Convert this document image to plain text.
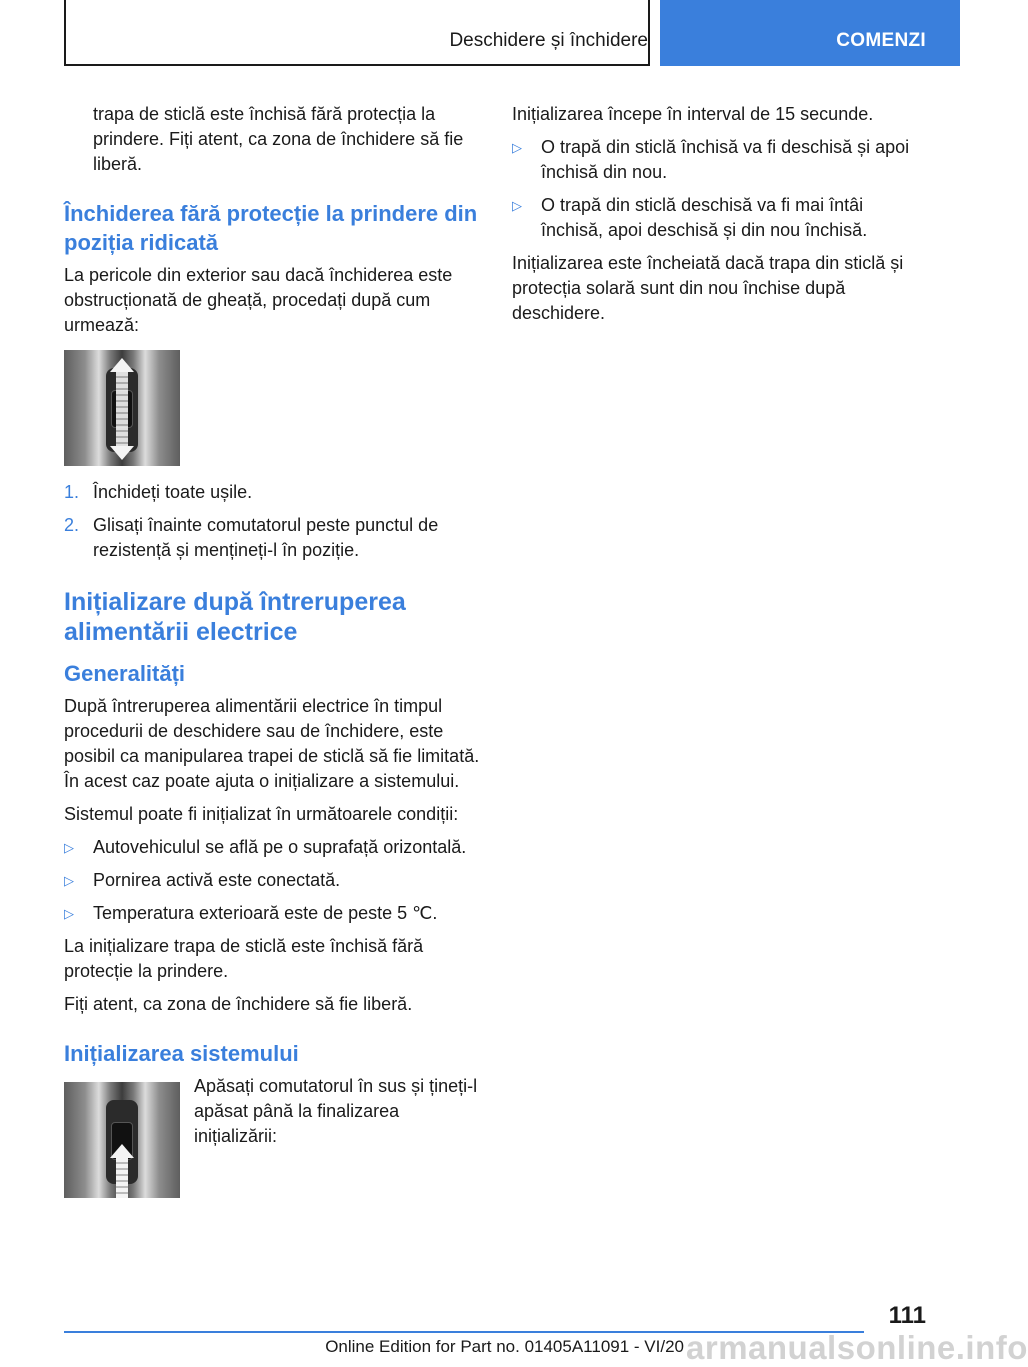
Deschidere și închidere	COMENZI

trapa de sticlă este închisă fără protecția la prindere. Fiți atent, ca zona de închidere să fie liberă.

Închiderea fără protecție la prindere din poziția ridicată

La pericole din exterior sau dacă închiderea este obstrucționată de gheață, procedați după cum urmează:

1. Închideți toate ușile.
2. Glisați înainte comutatorul peste punctul de rezistență și mențineți-l în poziție.
Inițializare după întreruperea alimentării electrice
Generalități

După întreruperea alimentării electrice în timpul procedurii de deschidere sau de închidere, este posibil ca manipularea trapei de sticlă să fie limitată. În acest caz poate ajuta o inițializare a sistemului.

Sistemul poate fi inițializat în următoarele condiții:

▷	Autovehiculul se află pe o suprafață orizontală.
▷	Pornirea activă este conectată.
▷	Temperatura exterioară este de peste 5 ℃.

La inițializare trapa de sticlă este închisă fără protecție la prindere.

Fiți atent, ca zona de închidere să fie liberă.

Inițializarea sistemului

Apăsați comutatorul în sus și țineți-l apăsat până la finalizarea inițializării:

Inițializarea începe în interval de 15 secunde.

▷	O trapă din sticlă închisă va fi deschisă și apoi închisă din nou.
▷	O trapă din sticlă deschisă va fi mai întâi închisă, apoi deschisă și din nou închisă.

Inițializarea este încheiată dacă trapa din sticlă și protecția solară sunt din nou închise după deschidere.

111
armanualsonline.info
Online Edition for Part no. 01405A11091 - VI/20
